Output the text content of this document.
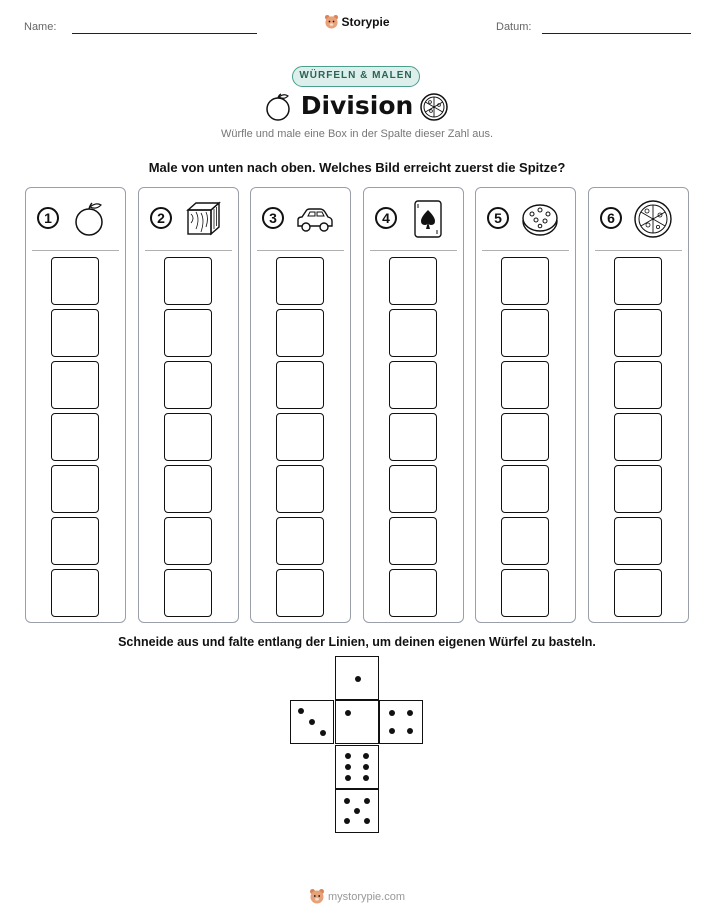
Name:	Storypie	Datum:
WÜRFELN & MALEN
Division
Würfle und male eine Box in der Spalte dieser Zahl aus.
Male von unten nach oben. Welches Bild erreicht zuerst die Spitze?
1	2	3	4	5	6
Schneide aus und falte entlang der Linien, um deinen eigenen Würfel zu basteln.
mystorypie.com
